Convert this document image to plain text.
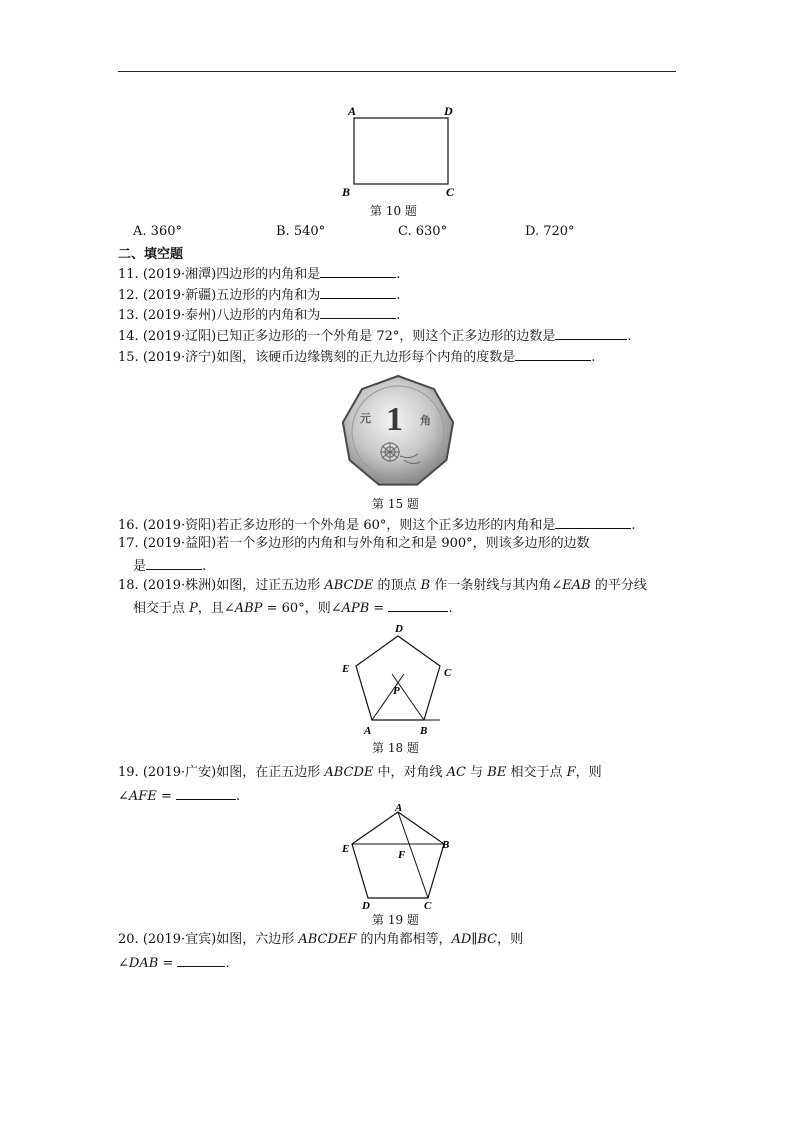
A	D
B	C
第 10 题
A. 360°	B. 540°	C. 630°	D. 720°
二、填空题
11. (2019·湘潭)四边形的内角和是	.
12. (2019·新疆)五边形的内角和为	.
13. (2019·泰州)八边形的内角和为	.
14. (2019·辽阳)已知正多边形的一个外角是 72°，则这个正多边形的边数是	.
15. (2019·济宁)如图，该硬币边缘镌刻的正九边形每个内角的度数是	.
1
元	角
第 15 题
16. (2019·资阳)若正多边形的一个外角是 60°，则这个正多边形的内角和是	.
17. (2019·益阳)若一个多边形的内角和与外角和之和是 900°，则该多边形的边数
是	.
18. (2019·株洲)如图，过正五边形 ABCDE 的顶点 B 作一条射线与其内角∠EAB 的平分线
相交于点 P，且∠ABP = 60°，则∠APB =	.
D
E	C
A	B
P
第 18 题
19. (2019·广安)如图，在正五边形 ABCDE 中，对角线 AC 与 BE 相交于点 F，则
∠AFE =	.
A
B
E	F
D	C
第 19 题
20. (2019·宜宾)如图，六边形 ABCDEF 的内角都相等，AD∥BC，则
∠DAB =	.
